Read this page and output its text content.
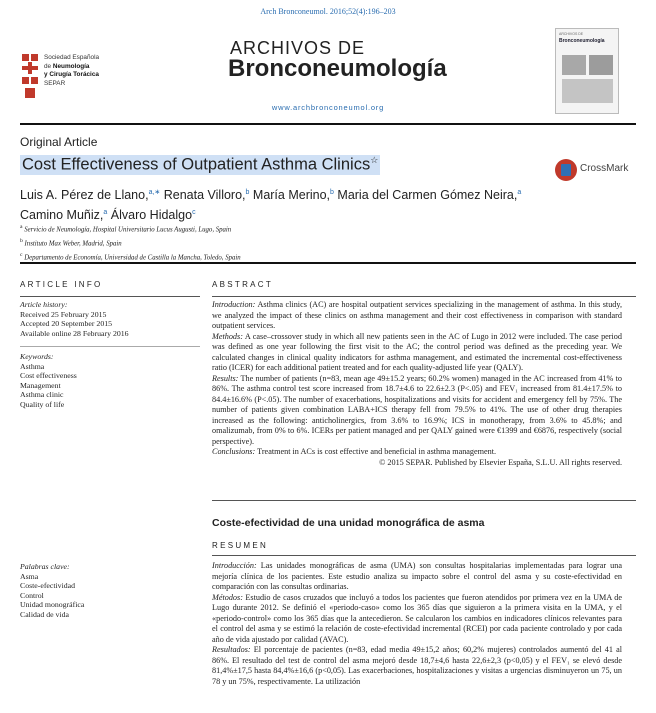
Arch Bronconeumol. 2016;52(4):196–203
Sociedad Española
de Neumología
y Cirugía Torácica
SEPAR
ARCHIVOS DE
Bronconeumología
www.archbronconeumol.org
ARCHIVOS DE
Bronconeumología
Original Article
Cost Effectiveness of Outpatient Asthma Clinics☆
CrossMark
Luis A. Pérez de Llano,$^{a,∗}$ Renata Villoro,$^b$ María Merino,$^b$ Maria del Carmen Gómez Neira,$^a$
Camino Muñiz,$^a$ Álvaro Hidalgo$^c$
$^a$ Servicio de Neumología, Hospital Universitario Lucus Augusti, Lugo, Spain
$^b$ Instituto Max Weber, Madrid, Spain
$^c$ Departamento de Economía, Universidad de Castilla la Mancha, Toledo, Spain
ARTICLE INFO	ABSTRACT
Article history:
Received 25 February 2015
Accepted 20 September 2015
Available online 28 February 2016
Keywords:
Asthma
Cost effectiveness
Management
Asthma clinic
Quality of life

Introduction: Asthma clinics (AC) are hospital outpatient services specializing in the management of asthma. In this study, we analyzed the impact of these clinics on asthma management and their cost effectiveness in comparison with standard outpatient services.

Methods: A case–crossover study in which all new patients seen in the AC of Lugo in 2012 were included. The case period was defined as one year following the first visit to the AC; the control period was defined as the preceding year. We calculated changes in clinical quality indicators for asthma management, and estimated the incremental cost-effectiveness ratio (ICER) for each additional patient treated and for each quality-adjusted life year (QALY).

Results: The number of patients (n=83, mean age 49±15.2 years; 60.2% women) managed in the AC increased from 41% to 86%. The asthma control test score increased from 18.7±4.6 to 22.6±2.3 (P<.05) and FEV₁ increased from 81.4±17.5% to 84.4±16.6% (P<.05). The number of exacerbations, hospitalizations and visits for accident and emergency fell by 75%. The number of patients given combination LABA+ICS therapy fell from 79.5% to 41%. The use of other drug therapies increased as the following: anticholinergics, from 3.6% to 16.9%; ICS in monotherapy, from 3.6% to 45.8%; and omalizumab, from 0% to 6%. ICERs per patient managed and per QALY gained were €1399 and €6876, respectively (social perspective).

Conclusions: Treatment in ACs is cost effective and beneficial in asthma management.

© 2015 SEPAR. Published by Elsevier España, S.L.U. All rights reserved.

Coste-efectividad de una unidad monográfica de asma
RESUMEN
Palabras clave:
Asma
Coste-efectividad
Control
Unidad monográfica
Calidad de vida

Introducción: Las unidades monográficas de asma (UMA) son consultas hospitalarias implementadas para lograr una mejoría clínica de los pacientes. Este estudio analiza su impacto sobre el control del asma y su coste-efectividad en comparación con las consultas ordinarias.

Métodos: Estudio de casos cruzados que incluyó a todos los pacientes que fueron atendidos por primera vez en la UMA de Lugo durante 2012. Se definió el «periodo-caso» como los 365 días que siguieron a la primera visita en la UMA, y el «periodo-control» como los 365 días que la antecedieron. Se calcularon los cambios en indicadores clínicos relevantes para el control del asma y se estimó la relación de coste-efectividad incremental (RCEI) por cada paciente controlado y por cada año de vida ajustado por calidad (AVAC).

Resultados: El porcentaje de pacientes (n=83, edad media 49±15,2 años; 60,2% mujeres) controlados aumentó del 41 al 86%. El resultado del test de control del asma mejoró desde 18,7±4,6 hasta 22,6±2,3 (p<0,05) y el FEV₁ se elevó desde 81,4%±17,5 hasta 84,4%±16,6 (p<0,05). Las exacerbaciones, hospitalizaciones y visitas a urgencias disminuyeron un 75, un 78 y un 75%, respectivamente. La utilización
